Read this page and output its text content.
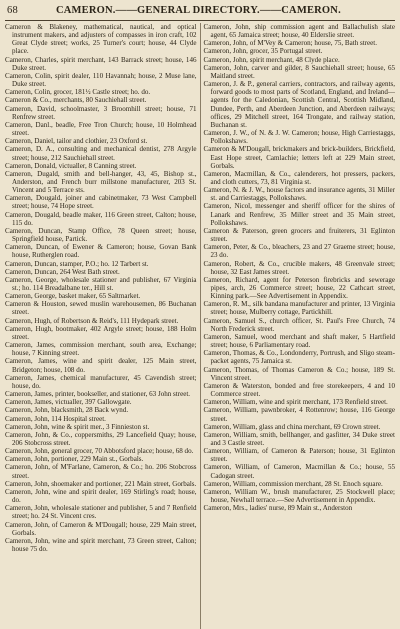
68	CAMERON.——GENERAL DIRECTORY.——CAMERON.

Cameron & Blakeney, mathematical, nautical, and optical instrument makers, and adjusters of compasses in iron craft, 102 Great Clyde street; works, 25 Turner's court; house, 44 Clyde place.

Cameron, Charles, spirit merchant, 143 Barrack street; house, 146 Duke street.

Cameron, Colin, spirit dealer, 110 Havannah; house, 2 Muse lane, Duke street.

Cameron, Colin, grocer, 181½ Castle street; ho. do.

Cameron & Co., merchants, 80 Sauchiehall street.

Cameron, David, schoolmaster, 3 Broomhill street; house, 71 Renfrew street.

Cameron, Danl., beadle, Free Tron Church; house, 10 Holmhead street.

Cameron, Daniel, tailor and clothier, 23 Oxford st.

Cameron, D. A., consulting and mechanical dentist, 278 Argyle street; house, 212 Sauchiehall street.

Cameron, Donald, victualler, 8 Canning street.

Cameron, Dugald, smith and bell-hanger, 43, 45, Bishop st., Anderston, and French burr millstone manufacturer, 203 St. Vincent and 5 Terrace sts.

Cameron, Dougald, joiner and cabinetmaker, 73 West Campbell street; house, 74 Hope street.

Cameron, Dougald, beadle maker, 116 Green street, Calton; house, 115 do.

Cameron, Duncan, Stamp Office, 78 Queen street; house, Springfield house, Partick.

Cameron, Duncan, of Ewener & Cameron; house, Govan Bank house, Rutherglen road.

Cameron, Duncan, stamper, P.O.; ho. 12 Tarbert st.

Cameron, Duncan, 264 West Bath street.

Cameron, George, wholesale stationer and publisher, 67 Virginia st.; ho. 114 Breadalbane ter., Hill st.

Cameron, George, basket maker, 65 Saltmarket.

Cameron & Houston, sewed muslin warehousemen, 86 Buchanan street.

Cameron, Hugh, of Robertson & Reid's, 111 Hydepark street.

Cameron, Hugh, bootmaker, 402 Argyle street; house, 188 Holm street.

Cameron, James, commission merchant, south area, Exchange; house, 7 Kinning street.

Cameron, James, wine and spirit dealer, 125 Main street, Bridgeton; house, 108 do.

Cameron, James, chemical manufacturer, 45 Cavendish street; house, do.

Cameron, James, printer, bookseller, and stationer, 63 John street.

Cameron, James, victualler, 397 Gallowgate.

Cameron, John, blacksmith, 28 Back wynd.

Cameron, John, 114 Hospital street.

Cameron, John, wine & spirit mer., 3 Finnieston st.

Cameron, John, & Co., coppersmiths, 29 Lancefield Quay; house, 206 Stobcross street.

Cameron, John, general grocer, 70 Abbotsford place; house, 68 do.

Cameron, John, portioner, 229 Main st., Gorbals.

Cameron, John, of M'Farlane, Cameron, & Co.; ho. 206 Stobcross street.

Cameron, John, shoemaker and portioner, 221 Main street, Gorbals.

Cameron, John, wine and spirit dealer, 169 Stirling's road; house, do.

Cameron, John, wholesale stationer and publisher, 5 and 7 Renfield street; ho. 24 St. Vincent cres.

Cameron, John, of Cameron & M'Dougall; house, 229 Main street, Gorbals.

Cameron, John, wine and spirit merchant, 73 Green street, Calton; house 75 do.

Cameron, John, ship commission agent and Ballachulish slate agent, 65 Jamaica street; house, 40 Elderslie street.

Cameron, John, of M'Vey & Cameron; house, 75, Bath street.

Cameron, John, grocer, 35 Portugal street.

Cameron, John, spirit merchant, 48 Clyde place.

Cameron, John, carver and gilder, 8 Sauchiehall street; house, 65 Maitland street.

Cameron, J. & P., general carriers, contractors, and railway agents, forward goods to most parts of Scotland, England, and Ireland—agents for the Caledonian, Scottish Central, Scottish Midland, Dundee, Perth, and Aberdeen Junction, and Aberdeen railways; offices, 29 Mitchell street, 164 Trongate, and railway station, Buchanan st.

Cameron, J. W., of N. & J. W. Cameron; house, High Carriestaggs, Pollokshaws.

Cameron & M'Dougall, brickmakers and brick-builders, Brickfield, East Hope street, Camlachie; letters left at 229 Main street, Gorbals.

Cameron, Macmillan, & Co., calenderers, hot pressers, packers, and cloth cutters, 73, 81 Virginia st.

Cameron, N. & J. W., house factors and insurance agents, 31 Miller st. and Carriestaggs, Pollokshaws.

Cameron, Nicol, messenger and sheriff officer for the shires of Lanark and Renfrew, 35 Miller street and 35 Main street, Pollokshaws.

Cameron & Paterson, green grocers and fruiterers, 31 Eglinton street.

Cameron, Peter, & Co., bleachers, 23 and 27 Graeme street; house, 23 do.

Cameron, Robert, & Co., crucible makers, 48 Greenvale street; house, 32 East James street.

Cameron, Richard, agent for Peterson firebricks and sewerage pipes, arch, 26 Commerce street; house, 22 Cathcart street, Kinning park.—See Advertisement in Appendix.

Cameron, R. M., silk bandana manufacturer and printer, 13 Virginia street; house, Mulberry cottage, Partickhill.

Cameron, Samuel S., church officer, St. Paul's Free Church, 74 North Frederick street.

Cameron, Samuel, wood merchant and shaft maker, 5 Hartfield street; house, 6 Parliamentary road.

Cameron, Thomas, & Co., Londonderry, Portrush, and Sligo steam-packet agents, 75 Jamaica st.

Cameron, Thomas, of Thomas Cameron & Co.; house, 189 St. Vincent street.

Cameron & Waterston, bonded and free storekeepers, 4 and 10 Commerce street.

Cameron, William, wine and spirit merchant, 173 Renfield street.

Cameron, William, pawnbroker, 4 Rottenrow; house, 116 George street.

Cameron, William, glass and china merchant, 69 Crown street.

Cameron, William, smith, bellhanger, and gasfitter, 34 Duke street and 3 Castle street.

Cameron, William, of Cameron & Paterson; house, 31 Eglinton street.

Cameron, William, of Cameron, Macmillan & Co.; house, 55 Cadogan street.

Cameron, William, commission merchant, 28 St. Enoch square.

Cameron, William W., brush manufacturer, 25 Stockwell place; house, Newhall terrace.—See Advertisement in Appendix.

Cameron, Mrs., ladies' nurse, 89 Main st., Anderston
